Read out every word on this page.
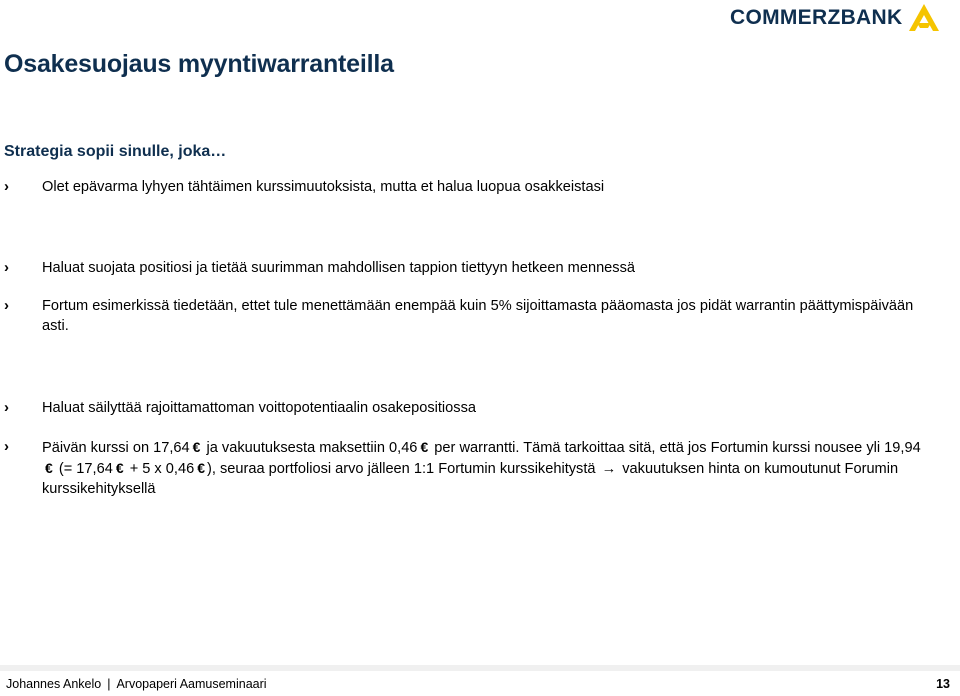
COMMERZBANK
Osakesuojaus myyntiwarranteilla
Strategia sopii sinulle, joka…
› Olet epävarma lyhyen tähtäimen kurssimuutoksista, mutta et halua luopua osakkeistasi
› Haluat suojata positiosi ja tietää suurimman mahdollisen tappion tiettyyn hetkeen mennessä
› Fortum esimerkissä tiedetään, ettet tule menettämään enempää kuin 5% sijoittamasta pääomasta jos pidät warrantin päättymispäivään asti.
› Haluat säilyttää rajoittamattoman voittopotentiaalin osakepositiossa
› Päivän kurssi on 17,64 € ja vakuutuksesta maksettiin 0,46 € per warrantti. Tämä tarkoittaa sitä, että jos Fortumin kurssi nousee yli 19,94€ (= 17,64 € + 5 x 0,46 € ), seuraa portfoliosi arvo jälleen 1:1 Fortumin kurssikehitystä → vakuutuksen hinta on kumoutunut Forumin kurssikehityksellä
Johannes Ankelo | Arvopaperi Aamuseminaari	13
